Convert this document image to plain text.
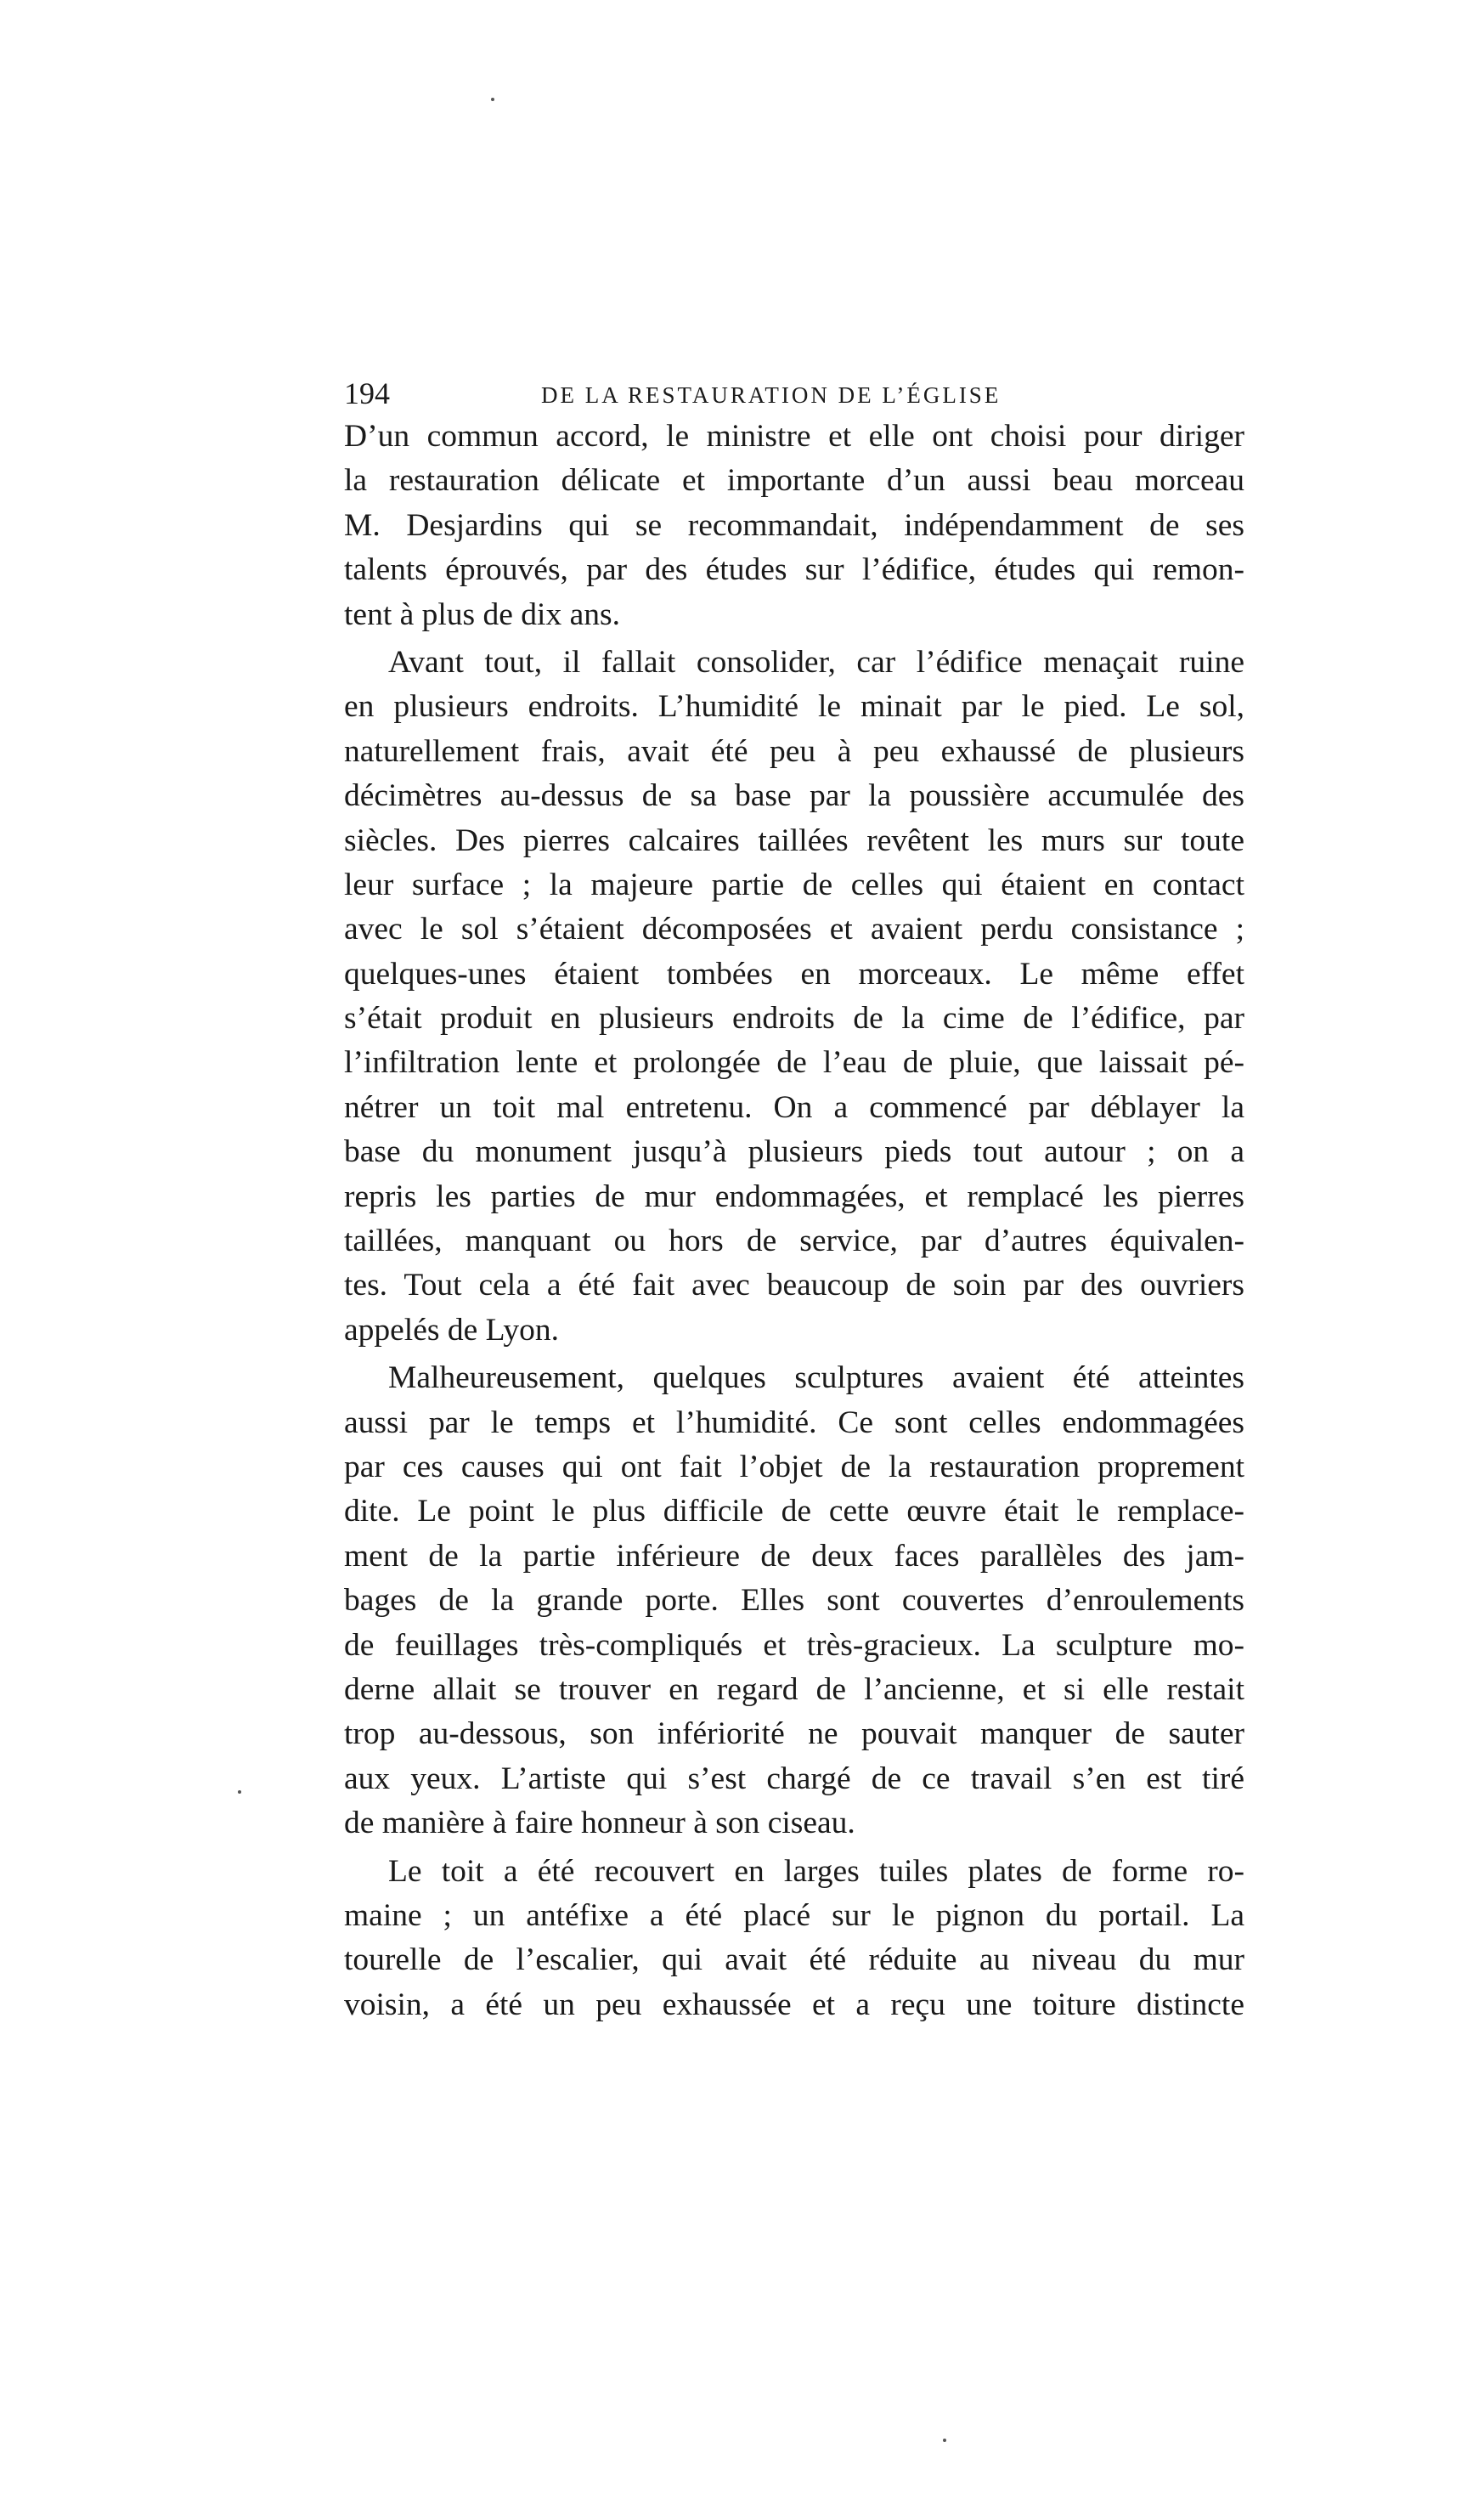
194	DE LA RESTAURATION DE L’ÉGLISE
D’un commun accord, le ministre et elle ont choisi pour diriger
la restauration délicate et importante d’un aussi beau morceau
M. Desjardins qui se recommandait, indépendamment de ses
talents éprouvés, par des études sur l’édifice, études qui remon-
tent à plus de dix ans.
Avant tout, il fallait consolider, car l’édifice menaçait ruine
en plusieurs endroits. L’humidité le minait par le pied. Le sol,
naturellement frais, avait été peu à peu exhaussé de plusieurs
décimètres au-dessus de sa base par la poussière accumulée des
siècles. Des pierres calcaires taillées revêtent les murs sur toute
leur surface ; la majeure partie de celles qui étaient en contact
avec le sol s’étaient décomposées et avaient perdu consistance ;
quelques-unes étaient tombées en morceaux. Le même effet
s’était produit en plusieurs endroits de la cime de l’édifice, par
l’infiltration lente et prolongée de l’eau de pluie, que laissait pé-
nétrer un toit mal entretenu. On a commencé par déblayer la
base du monument jusqu’à plusieurs pieds tout autour ; on a
repris les parties de mur endommagées, et remplacé les pierres
taillées, manquant ou hors de service, par d’autres équivalen-
tes. Tout cela a été fait avec beaucoup de soin par des ouvriers
appelés de Lyon.
Malheureusement, quelques sculptures avaient été atteintes
aussi par le temps et l’humidité. Ce sont celles endommagées
par ces causes qui ont fait l’objet de la restauration proprement
dite. Le point le plus difficile de cette œuvre était le remplace-
ment de la partie inférieure de deux faces parallèles des jam-
bages de la grande porte. Elles sont couvertes d’enroulements
de feuillages très-compliqués et très-gracieux. La sculpture mo-
derne allait se trouver en regard de l’ancienne, et si elle restait
trop au-dessous, son infériorité ne pouvait manquer de sauter
aux yeux. L’artiste qui s’est chargé de ce travail s’en est tiré
de manière à faire honneur à son ciseau.
Le toit a été recouvert en larges tuiles plates de forme ro-
maine ; un antéfixe a été placé sur le pignon du portail. La
tourelle de l’escalier, qui avait été réduite au niveau du mur
voisin, a été un peu exhaussée et a reçu une toiture distincte
